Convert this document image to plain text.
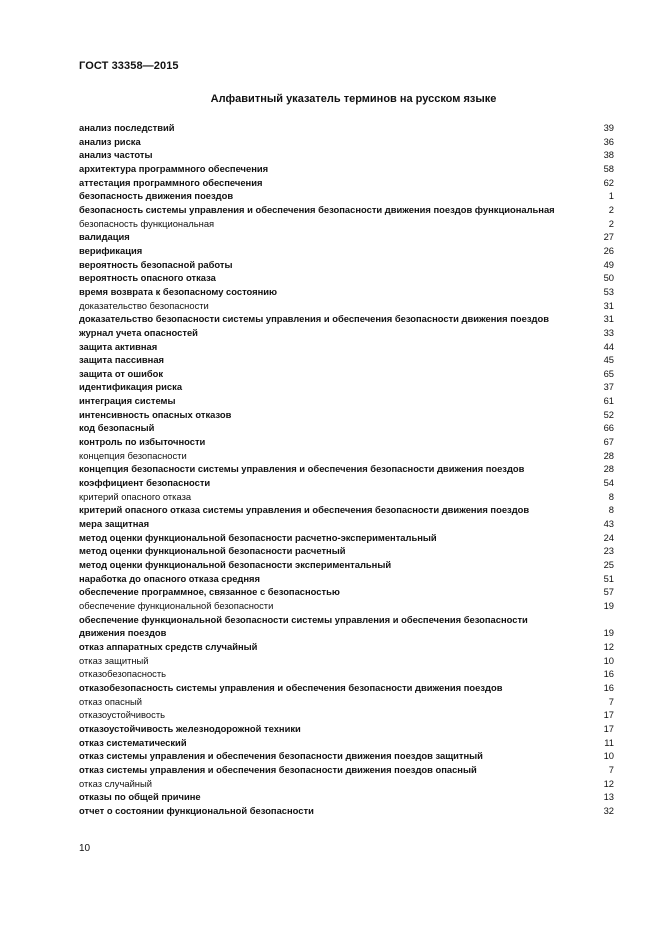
ГОСТ 33358—2015
Алфавитный указатель терминов на русском языке
анализ последствий	39
анализ риска	36
анализ частоты	38
архитектура программного обеспечения	58
аттестация программного обеспечения	62
безопасность движения поездов	1
безопасность системы управления и обеспечения безопасности движения поездов функциональная	2
безопасность функциональная	2
валидация	27
верификация	26
вероятность безопасной работы	49
вероятность опасного отказа	50
время возврата к безопасному состоянию	53
доказательство безопасности	31
доказательство безопасности системы управления и обеспечения безопасности движения поездов	31
журнал учета опасностей	33
защита активная	44
защита пассивная	45
защита от ошибок	65
идентификация риска	37
интеграция системы	61
интенсивность опасных отказов	52
код безопасный	66
контроль по избыточности	67
концепция безопасности	28
концепция безопасности системы управления и обеспечения безопасности движения поездов	28
коэффициент безопасности	54
критерий опасного отказа	8
критерий опасного отказа системы управления и обеспечения безопасности движения поездов	8
мера защитная	43
метод оценки функциональной безопасности расчетно-экспериментальный	24
метод оценки функциональной безопасности расчетный	23
метод оценки функциональной безопасности экспериментальный	25
наработка до опасного отказа средняя	51
обеспечение программное, связанное с безопасностью	57
обеспечение функциональной безопасности	19
обеспечение функциональной безопасности системы управления и обеспечения безопасности движения поездов	19
отказ аппаратных средств случайный	12
отказ защитный	10
отказобезопасность	16
отказобезопасность системы управления и обеспечения безопасности движения поездов	16
отказ опасный	7
отказоустойчивость	17
отказоустойчивость железнодорожной техники	17
отказ систематический	11
отказ системы управления и обеспечения безопасности движения поездов защитный	10
отказ системы управления и обеспечения безопасности движения поездов опасный	7
отказ случайный	12
отказы по общей причине	13
отчет о состоянии функциональной безопасности	32
10
